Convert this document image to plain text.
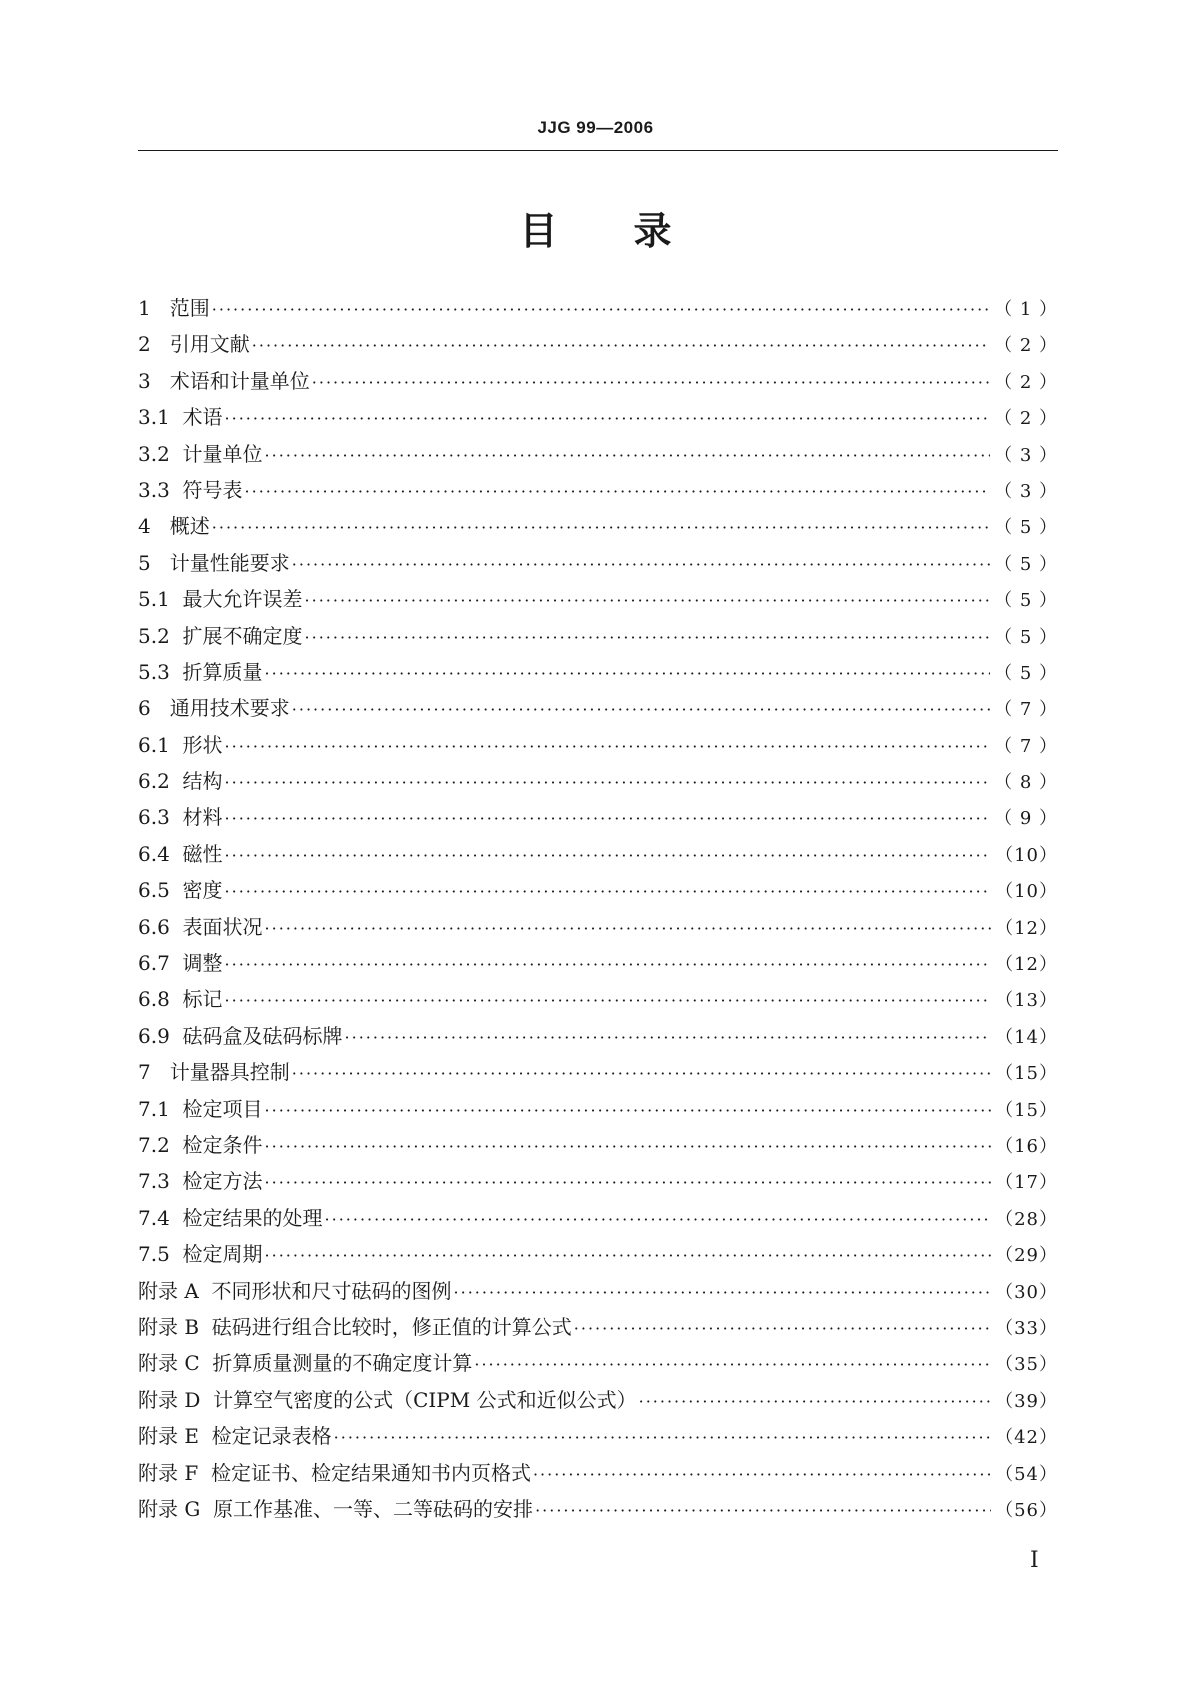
JJG 99—2006
目 录
1 范围 ·····	（ 1 ）
2 引用文献 ·····	（ 2 ）
3 术语和计量单位 ·····	（ 2 ）
3.1 术语 ·····	（ 2 ）
3.2 计量单位 ·····	（ 3 ）
3.3 符号表 ·····	（ 3 ）
4 概述 ·····	（ 5 ）
5 计量性能要求 ·····	（ 5 ）
5.1 最大允许误差 ·····	（ 5 ）
5.2 扩展不确定度 ·····	（ 5 ）
5.3 折算质量 ·····	（ 5 ）
6 通用技术要求 ·····	（ 7 ）
6.1 形状 ·····	（ 7 ）
6.2 结构 ·····	（ 8 ）
6.3 材料 ·····	（ 9 ）
6.4 磁性 ·····	（10）
6.5 密度 ·····	（10）
6.6 表面状况 ·····	（12）
6.7 调整 ·····	（12）
6.8 标记 ·····	（13）
6.9 砝码盒及砝码标牌 ·····	（14）
7 计量器具控制 ·····	（15）
7.1 检定项目 ·····	（15）
7.2 检定条件 ·····	（16）
7.3 检定方法 ·····	（17）
7.4 检定结果的处理 ·····	（28）
7.5 检定周期 ·····	（29）
附录 A 不同形状和尺寸砝码的图例 ·····	（30）
附录 B 砝码进行组合比较时，修正值的计算公式 ·····	（33）
附录 C 折算质量测量的不确定度计算 ·····	（35）
附录 D 计算空气密度的公式（CIPM 公式和近似公式） ·····	（39）
附录 E 检定记录表格 ·····	（42）
附录 F 检定证书、检定结果通知书内页格式 ·····	（54）
附录 G 原工作基准、一等、二等砝码的安排 ·····	（56）
I
